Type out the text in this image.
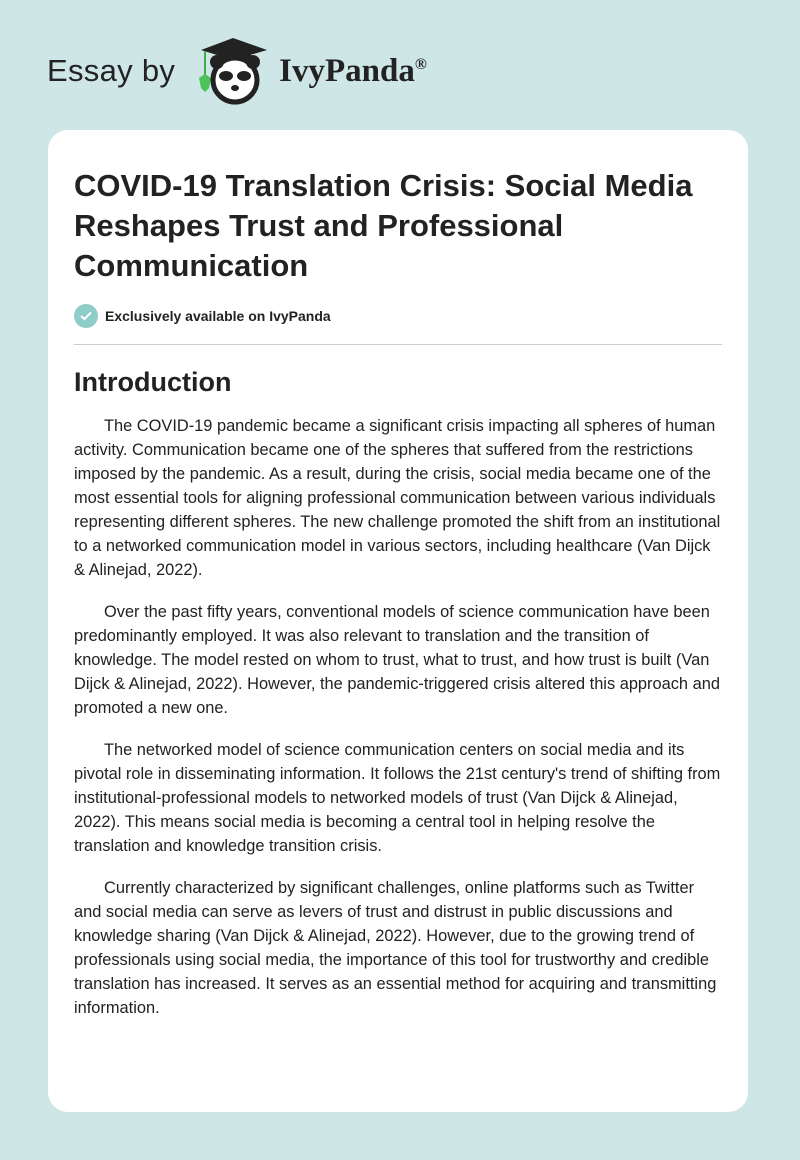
Essay by	IvyPanda®
COVID-19 Translation Crisis: Social Media Reshapes Trust and Professional Communication
Exclusively available on IvyPanda
Introduction

The COVID-19 pandemic became a significant crisis impacting all spheres of human activity. Communication became one of the spheres that suffered from the restrictions imposed by the pandemic. As a result, during the crisis, social media became one of the most essential tools for aligning professional communication between various individuals representing different spheres. The new challenge promoted the shift from an institutional to a networked communication model in various sectors, including healthcare (Van Dijck & Alinejad, 2022).

Over the past fifty years, conventional models of science communication have been predominantly employed. It was also relevant to translation and the transition of knowledge. The model rested on whom to trust, what to trust, and how trust is built (Van Dijck & Alinejad, 2022). However, the pandemic-triggered crisis altered this approach and promoted a new one.

The networked model of science communication centers on social media and its pivotal role in disseminating information. It follows the 21st century's trend of shifting from institutional-professional models to networked models of trust (Van Dijck & Alinejad, 2022). This means social media is becoming a central tool in helping resolve the translation and knowledge transition crisis.

Currently characterized by significant challenges, online platforms such as Twitter and social media can serve as levers of trust and distrust in public discussions and knowledge sharing (Van Dijck & Alinejad, 2022). However, due to the growing trend of professionals using social media, the importance of this tool for trustworthy and credible translation has increased. It serves as an essential method for acquiring and transmitting information.
